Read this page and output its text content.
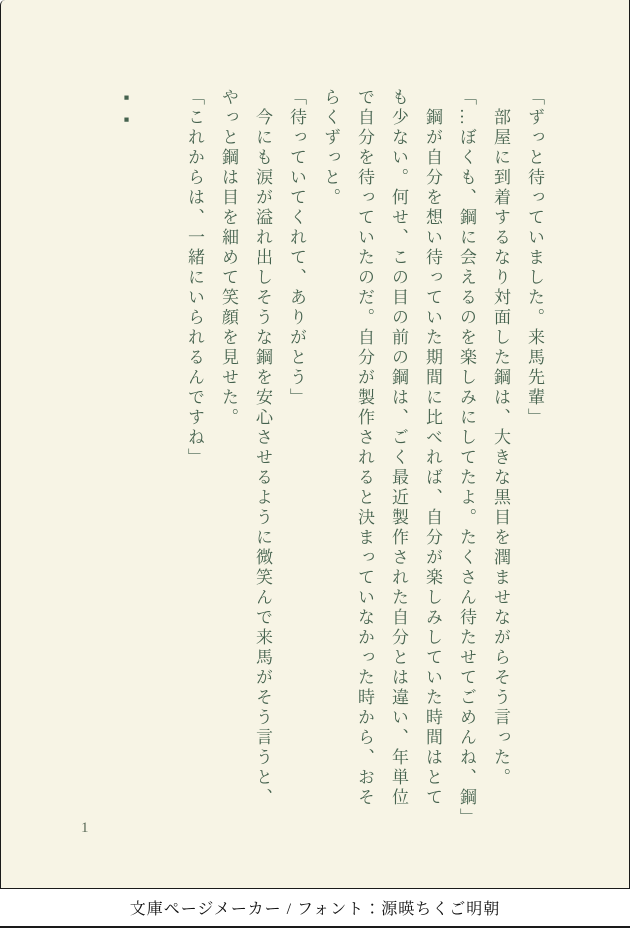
「ずっと待っていました。来馬先輩」
部屋に到着するなり対面した鋼は、大きな黒目を潤ませながらそう言った。
「…ぼくも、鋼に会えるのを楽しみにしてたよ。たくさん待たせてごめんね、鋼」
鋼が自分を想い待っていた期間に比べれば、自分が楽しみしていた時間はとて
も少ない。何せ、この目の前の鋼は、ごく最近製作された自分とは違い、年単位
で自分を待っていたのだ。自分が製作されると決まっていなかった時から、おそ
らくずっと。
「待っていてくれて、ありがとう」
今にも涙が溢れ出しそうな鋼を安心させるように微笑んで来馬がそう言うと、
やっと鋼は目を細めて笑顔を見せた。
「これからは、一緒にいられるんですね」

▪▪
1
文庫ページメーカー / フォント：源暎ちくご明朝
